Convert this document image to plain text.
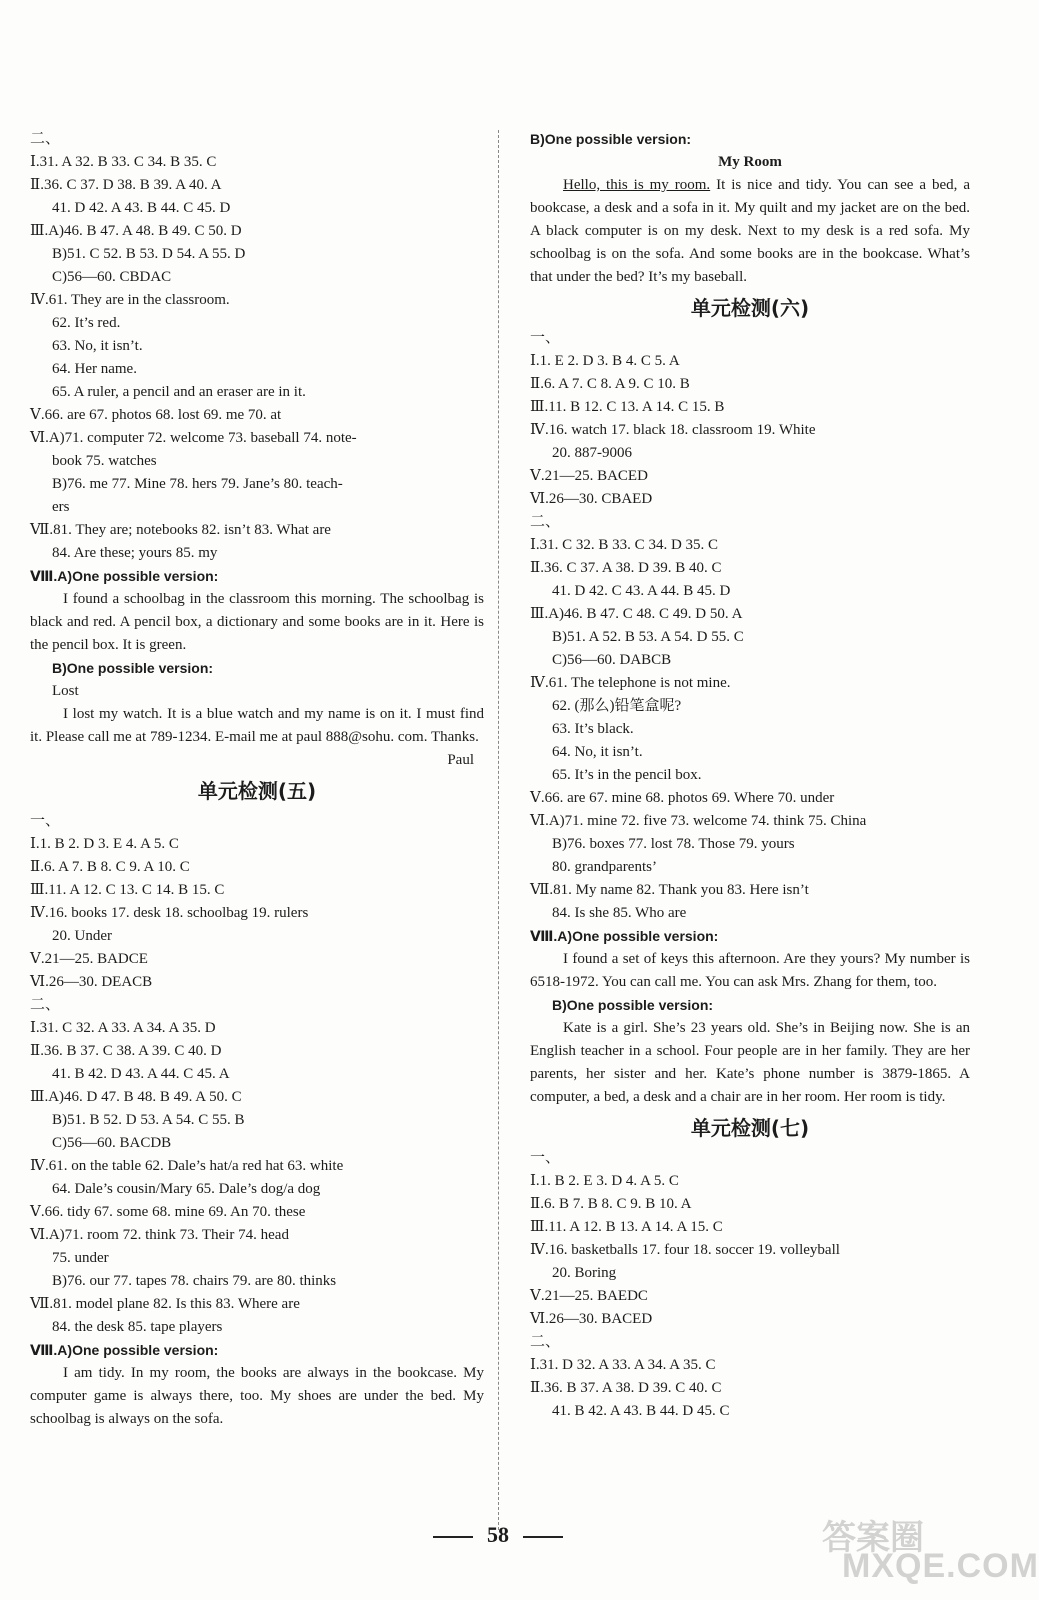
二、
Ⅰ.31. A 32. B 33. C 34. B 35. C
Ⅱ.36. C 37. D 38. B 39. A 40. A
41. D 42. A 43. B 44. C 45. D
Ⅲ.A)46. B 47. A 48. B 49. C 50. D
B)51. C 52. B 53. D 54. A 55. D
C)56—60. CBDAC
Ⅳ.61. They are in the classroom.
62. It’s red.
63. No, it isn’t.
64. Her name.
65. A ruler, a pencil and an eraser are in it.
Ⅴ.66. are 67. photos 68. lost 69. me 70. at
Ⅵ.A)71. computer 72. welcome 73. baseball 74. note-
book 75. watches
B)76. me 77. Mine 78. hers 79. Jane’s 80. teach-
ers
Ⅶ.81. They are; notebooks 82. isn’t 83. What are
84. Are these; yours 85. my
Ⅷ.A)One possible version:

I found a schoolbag in the classroom this morning. The schoolbag is black and red. A pencil box, a dictionary and some books are in it. Here is the pencil box. It is green.

B)One possible version:
Lost

I lost my watch. It is a blue watch and my name is on it. I must find it. Please call me at 789-1234. E-mail me at paul 888@sohu. com. Thanks.

Paul
单元检测(五)
一、
Ⅰ.1. B 2. D 3. E 4. A 5. C
Ⅱ.6. A 7. B 8. C 9. A 10. C
Ⅲ.11. A 12. C 13. C 14. B 15. C
Ⅳ.16. books 17. desk 18. schoolbag 19. rulers
20. Under
Ⅴ.21—25. BADCE
Ⅵ.26—30. DEACB
二、
Ⅰ.31. C 32. A 33. A 34. A 35. D
Ⅱ.36. B 37. C 38. A 39. C 40. D
41. B 42. D 43. A 44. C 45. A
Ⅲ.A)46. D 47. B 48. B 49. A 50. C
B)51. B 52. D 53. A 54. C 55. B
C)56—60. BACDB
Ⅳ.61. on the table 62. Dale’s hat/a red hat 63. white
64. Dale’s cousin/Mary 65. Dale’s dog/a dog
Ⅴ.66. tidy 67. some 68. mine 69. An 70. these
Ⅵ.A)71. room 72. think 73. Their 74. head
75. under
B)76. our 77. tapes 78. chairs 79. are 80. thinks
Ⅶ.81. model plane 82. Is this 83. Where are
84. the desk 85. tape players
Ⅷ.A)One possible version:

I am tidy. In my room, the books are always in the bookcase. My computer game is always there, too. My shoes are under the bed. My schoolbag is always on the sofa.

B)One possible version:
My Room

Hello, this is my room. It is nice and tidy. You can see a bed, a bookcase, a desk and a sofa in it. My quilt and my jacket are on the bed. A black computer is on my desk. Next to my desk is a red sofa. My schoolbag is on the sofa. And some books are in the bookcase. What’s that under the bed? It’s my baseball.

单元检测(六)
一、
Ⅰ.1. E 2. D 3. B 4. C 5. A
Ⅱ.6. A 7. C 8. A 9. C 10. B
Ⅲ.11. B 12. C 13. A 14. C 15. B
Ⅳ.16. watch 17. black 18. classroom 19. White
20. 887-9006
Ⅴ.21—25. BACED
Ⅵ.26—30. CBAED
二、
Ⅰ.31. C 32. B 33. C 34. D 35. C
Ⅱ.36. C 37. A 38. D 39. B 40. C
41. D 42. C 43. A 44. B 45. D
Ⅲ.A)46. B 47. C 48. C 49. D 50. A
B)51. A 52. B 53. A 54. D 55. C
C)56—60. DABCB
Ⅳ.61. The telephone is not mine.
62. (那么)铅笔盒呢?
63. It’s black.
64. No, it isn’t.
65. It’s in the pencil box.
Ⅴ.66. are 67. mine 68. photos 69. Where 70. under
Ⅵ.A)71. mine 72. five 73. welcome 74. think 75. China
B)76. boxes 77. lost 78. Those 79. yours
80. grandparents’
Ⅶ.81. My name 82. Thank you 83. Here isn’t
84. Is she 85. Who are
Ⅷ.A)One possible version:

I found a set of keys this afternoon. Are they yours? My number is 6518-1972. You can call me. You can ask Mrs. Zhang for them, too.

B)One possible version:

Kate is a girl. She’s 23 years old. She’s in Beijing now. She is an English teacher in a school. Four people are in her family. They are her parents, her sister and her. Kate’s phone number is 3879-1865. A computer, a bed, a desk and a chair are in her room. Her room is tidy.

单元检测(七)
一、
Ⅰ.1. B 2. E 3. D 4. A 5. C
Ⅱ.6. B 7. B 8. C 9. B 10. A
Ⅲ.11. A 12. B 13. A 14. A 15. C
Ⅳ.16. basketballs 17. four 18. soccer 19. volleyball
20. Boring
Ⅴ.21—25. BAEDC
Ⅵ.26—30. BACED
二、
Ⅰ.31. D 32. A 33. A 34. A 35. C
Ⅱ.36. B 37. A 38. D 39. C 40. C
41. B 42. A 43. B 44. D 45. C
58	答案圈
MXQE.COM
